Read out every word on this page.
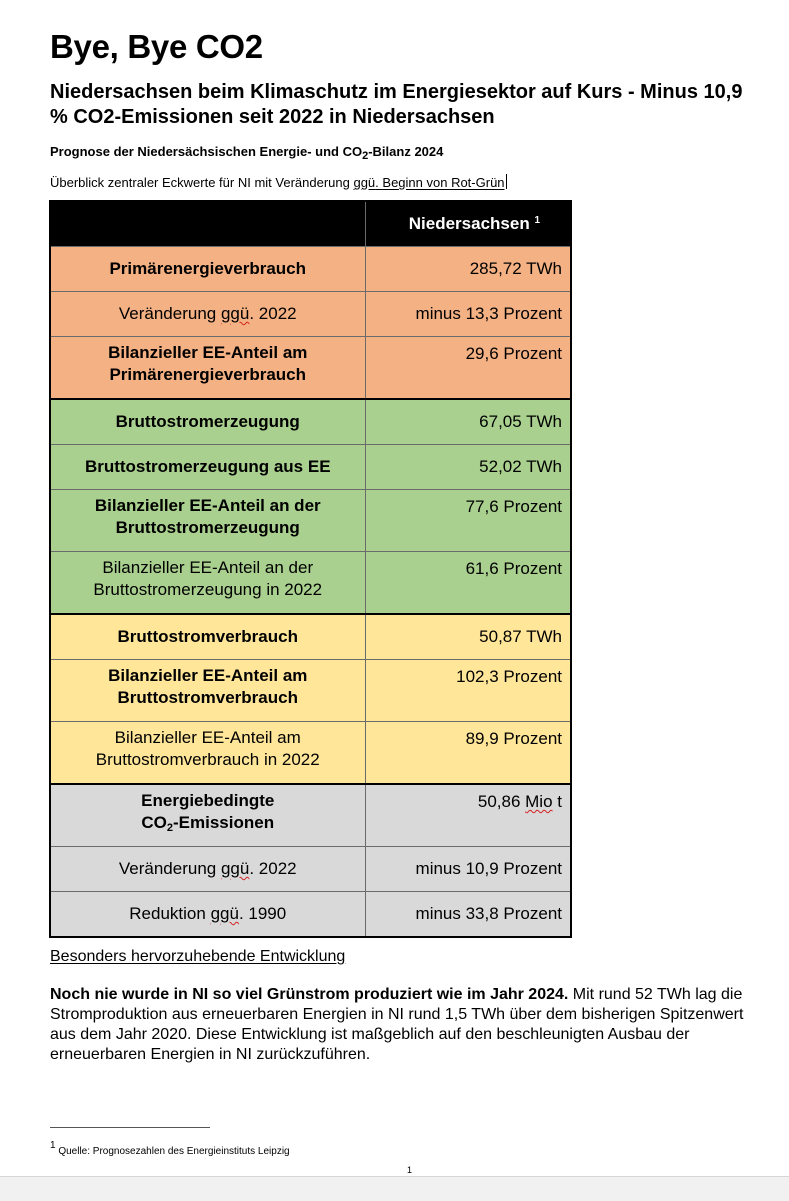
Bye, Bye CO2
Niedersachsen beim Klimaschutz im Energiesektor auf Kurs - Minus 10,9 % CO2-Emissionen seit 2022 in Niedersachsen
Prognose der Niedersächsischen Energie- und $CO_2$-Bilanz 2024
Überblick zentraler Eckwerte für NI mit Veränderung ggü. Beginn von Rot-Grün
	Niedersachsen $^1$
Primärenergieverbrauch	285,72 TWh
Veränderung ggü. 2022	minus 13,3 Prozent
Bilanzieller EE-Anteil am Primärenergieverbrauch	29,6 Prozent
Bruttostromerzeugung	67,05 TWh
Bruttostromerzeugung aus EE	52,02 TWh
Bilanzieller EE-Anteil an der Bruttostromerzeugung	77,6 Prozent
Bilanzieller EE-Anteil an der Bruttostromerzeugung in 2022	61,6 Prozent
Bruttostromverbrauch	50,87 TWh
Bilanzieller EE-Anteil am Bruttostromverbrauch	102,3 Prozent
Bilanzieller EE-Anteil am Bruttostromverbrauch in 2022	89,9 Prozent
Energiebedingte
$CO_2$-Emissionen	50,86 Mio t
Veränderung ggü. 2022	minus 10,9 Prozent
Reduktion ggü. 1990	minus 33,8 Prozent
Besonders hervorzuhebende Entwicklung
Noch nie wurde in NI so viel Grünstrom produziert wie im Jahr 2024. Mit rund 52 TWh lag die Stromproduktion aus erneuerbaren Energien in NI rund 1,5 TWh über dem bisherigen Spitzenwert aus dem Jahr 2020. Diese Entwicklung ist maßgeblich auf den beschleunigten Ausbau der erneuerbaren Energien in NI zurückzuführen.
$^1$ Quelle: Prognosezahlen des Energieinstituts Leipzig
1
